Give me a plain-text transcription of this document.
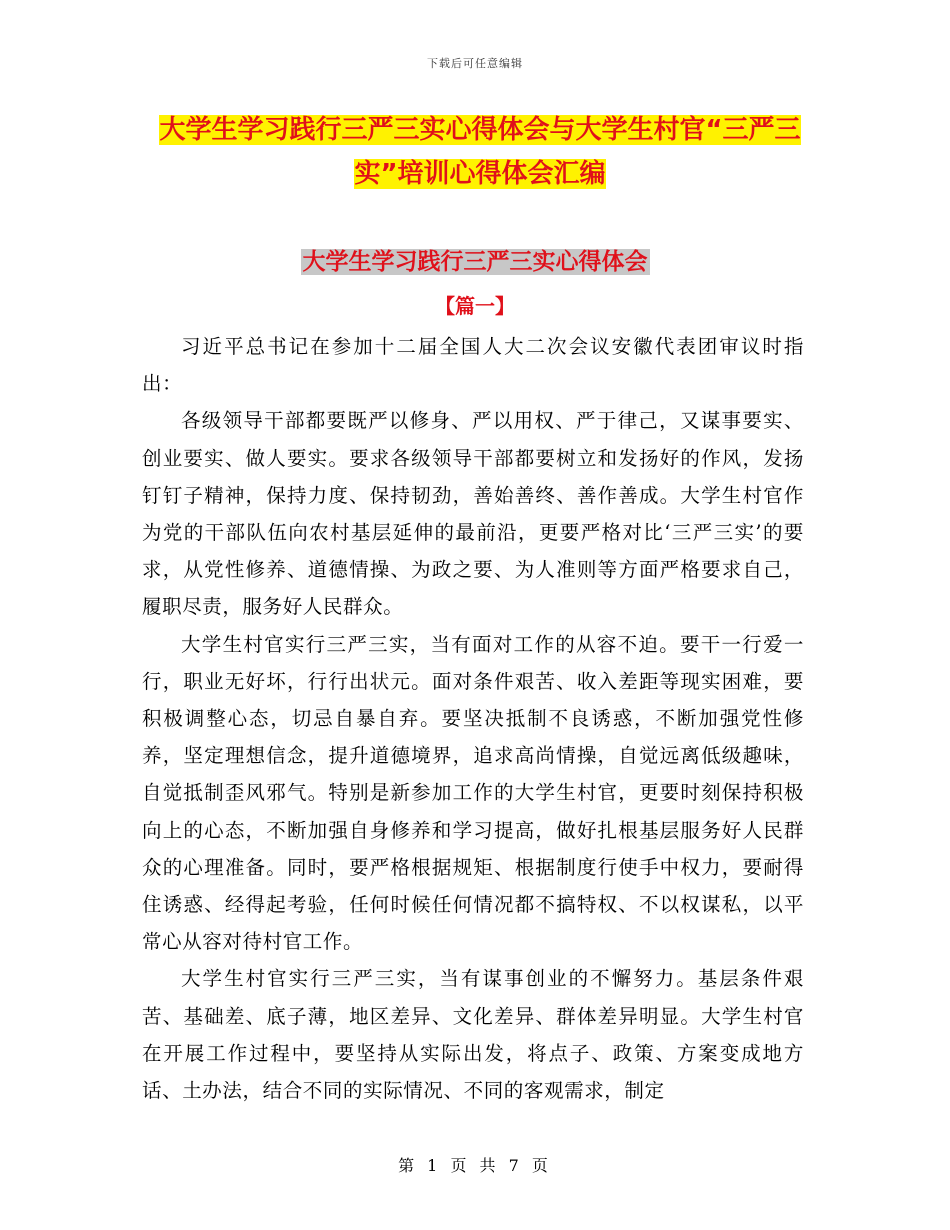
下载后可任意编辑
大学生学习践行三严三实心得体会与大学生村官“三严三实”培训心得体会汇编
大学生学习践行三严三实心得体会
【篇一】

习近平总书记在参加十二届全国人大二次会议安徽代表团审议时指出：

各级领导干部都要既严以修身、严以用权、严于律己，又谋事要实、创业要实、做人要实。要求各级领导干部都要树立和发扬好的作风，发扬钉钉子精神，保持力度、保持韧劲，善始善终、善作善成。大学生村官作为党的干部队伍向农村基层延伸的最前沿，更要严格对比‘三严三实’的要求，从党性修养、道德情操、为政之要、为人准则等方面严格要求自己，履职尽责，服务好人民群众。

大学生村官实行三严三实，当有面对工作的从容不迫。要干一行爱一行，职业无好坏，行行出状元。面对条件艰苦、收入差距等现实困难，要积极调整心态，切忌自暴自弃。要坚决抵制不良诱惑，不断加强党性修养，坚定理想信念，提升道德境界，追求高尚情操，自觉远离低级趣味，自觉抵制歪风邪气。特别是新参加工作的大学生村官，更要时刻保持积极向上的心态，不断加强自身修养和学习提高，做好扎根基层服务好人民群众的心理准备。同时，要严格根据规矩、根据制度行使手中权力，要耐得住诱惑、经得起考验，任何时候任何情况都不搞特权、不以权谋私，以平常心从容对待村官工作。

大学生村官实行三严三实，当有谋事创业的不懈努力。基层条件艰苦、基础差、底子薄，地区差异、文化差异、群体差异明显。大学生村官在开展工作过程中，要坚持从实际出发，将点子、政策、方案变成地方话、土办法，结合不同的实际情况、不同的客观需求，制定

第 1 页 共 7 页
